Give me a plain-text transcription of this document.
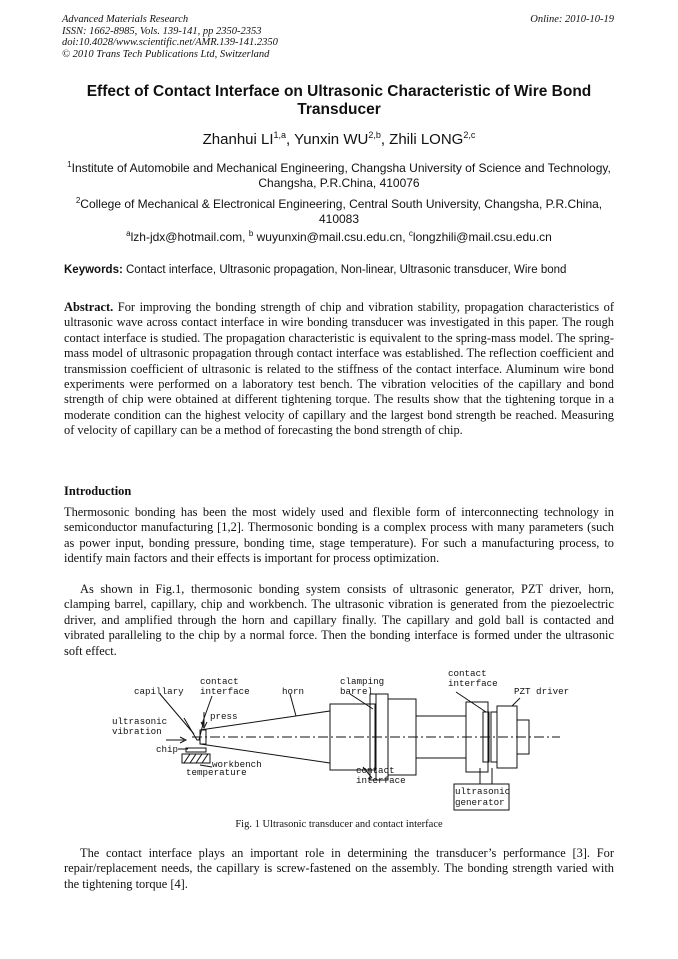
Advanced Materials Research
ISSN: 1662-8985, Vols. 139-141, pp 2350-2353
doi:10.4028/www.scientific.net/AMR.139-141.2350
© 2010 Trans Tech Publications Ltd, Switzerland
Online: 2010-10-19
Effect of Contact Interface on Ultrasonic Characteristic of Wire Bond Transducer
Zhanhui LI$^{1,a}$, Yunxin WU$^{2,b}$, Zhili LONG$^{2,c}$
$^1$Institute of Automobile and Mechanical Engineering, Changsha University of Science and Technology, Changsha, P.R.China, 410076
$^2$College of Mechanical & Electronical Engineering, Central South University, Changsha, P.R.China, 410083
$^a$lzh-jdx@hotmail.com, $^b$ wuyunxin@mail.csu.edu.cn, $^c$longzhili@mail.csu.edu.cn
Keywords: Contact interface, Ultrasonic propagation, Non-linear, Ultrasonic transducer, Wire bond
Abstract. For improving the bonding strength of chip and vibration stability, propagation characteristics of ultrasonic wave across contact interface in wire bonding transducer was investigated in this paper. The rough contact interface is studied. The propagation characteristic is equivalent to the spring-mass model. The spring-mass model of ultrasonic propagation through contact interface was established. The reflection coefficient and transmission coefficient of ultrasonic is related to the stiffness of the contact interface. Aluminum wire bond experiments were performed on a laboratory test bench. The vibration velocities of the capillary and bond strength of chip were obtained at different tightening torque. The results show that the tightening torque in a moderate condition can the highest velocity of capillary and the largest bond strength be reached. Measuring of velocity of capillary can be a method of forecasting the bond strength of chip.
Introduction
Thermosonic bonding has been the most widely used and flexible form of interconnecting technology in semiconductor manufacturing [1,2]. Thermosonic bonding is a complex process with many parameters (such as power input, bonding pressure, bonding time, stage temperature). For such a manufacturing process, to identify main factors and their effects is important for process optimization.
As shown in Fig.1, thermosonic bonding system consists of ultrasonic generator, PZT driver, horn, clamping barrel, capillary, chip and workbench. The ultrasonic vibration is generated from the piezoelectric driver, and amplified through the horn and capillary finally. The capillary and gold ball is contacted and vibrated paralleling to the chip by a normal force. Then the bonding interface is formed under the ultrasonic soft effect.
capillary
contact
interface	horn
clamping
barrel
contact
interface
PZT driver
ultrasonic
vibration
press
chip
workbench
temperature	contact
interface
ultrasonic
generator
Fig. 1 Ultrasonic transducer and contact interface
The contact interface plays an important role in determining the transducer’s performance [3]. For repair/replacement needs, the capillary is screw-fastened on the assembly. The bonding strength varied with the tightening torque [4].
